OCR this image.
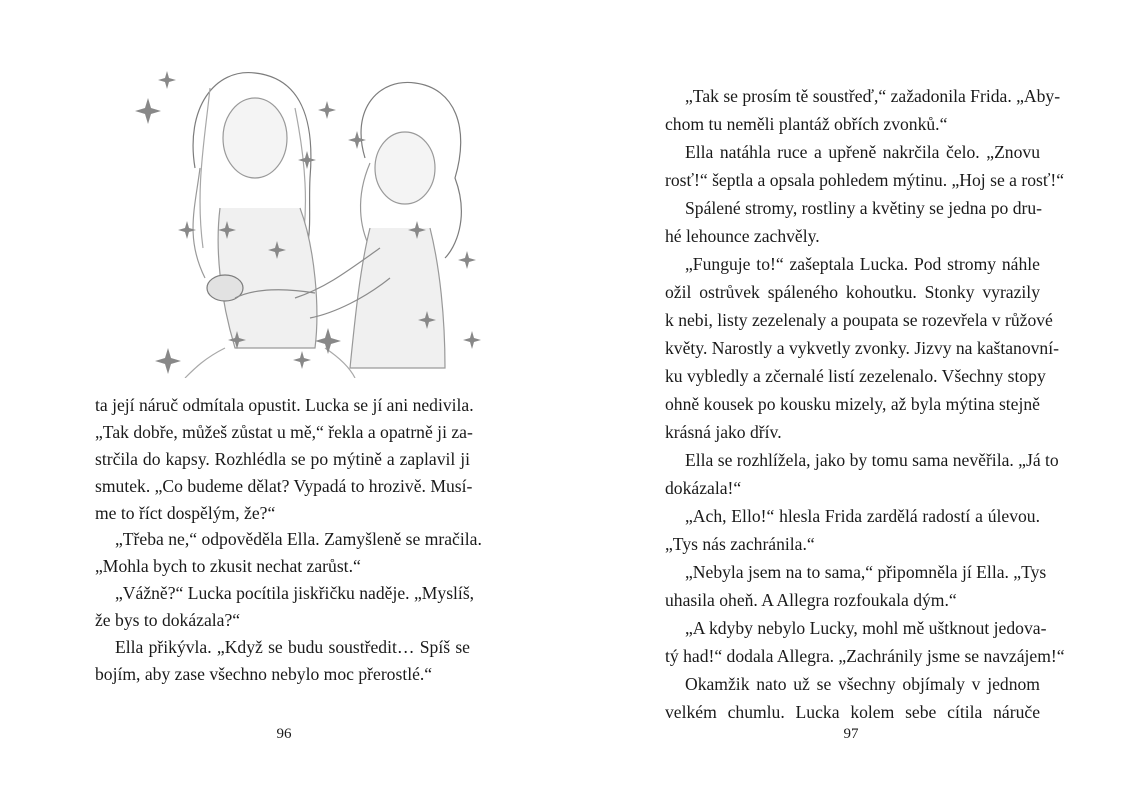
ta její náruč odmítala opustit. Lucka se jí ani nedivila.
„Tak dobře, můžeš zůstat u mě,“ řekla a opatrně ji za-
strčila do kapsy. Rozhlédla se po mýtině a zaplavil ji
smutek. „Co budeme dělat? Vypadá to hrozivě. Musí-
me to říct dospělým, že?“
„Třeba ne,“ odpověděla Ella. Zamyšleně se mračila.
„Mohla bych to zkusit nechat zarůst.“
„Vážně?“ Lucka pocítila jiskřičku naděje. „Myslíš,
že bys to dokázala?“
Ella přikývla. „Když se budu soustředit… Spíš se
bojím, aby zase všechno nebylo moc přerostlé.“
96
„Tak se prosím tě soustřeď,“ zažadonila Frida. „Aby-
chom tu neměli plantáž obřích zvonků.“
Ella natáhla ruce a upřeně nakrčila čelo. „Znovu
rosť!“ šeptla a opsala pohledem mýtinu. „Hoj se a rosť!“
Spálené stromy, rostliny a květiny se jedna po dru-
hé lehounce zachvěly.
„Funguje to!“ zašeptala Lucka. Pod stromy náhle
ožil ostrůvek spáleného kohoutku. Stonky vyrazily
k nebi, listy zezelenaly a poupata se rozevřela v růžové
květy. Narostly a vykvetly zvonky. Jizvy na kaštanovní-
ku vybledly a zčernalé listí zezelenalo. Všechny stopy
ohně kousek po kousku mizely, až byla mýtina stejně
krásná jako dřív.
Ella se rozhlížela, jako by tomu sama nevěřila. „Já to
dokázala!“
„Ach, Ello!“ hlesla Frida zardělá radostí a úlevou.
„Tys nás zachránila.“
„Nebyla jsem na to sama,“ připomněla jí Ella. „Tys
uhasila oheň. A Allegra rozfoukala dým.“
„A kdyby nebylo Lucky, mohl mě uštknout jedova-
tý had!“ dodala Allegra. „Zachránily jsme se navzájem!“
Okamžik nato už se všechny objímaly v jednom
velkém chumlu. Lucka kolem sebe cítila náruče
97
